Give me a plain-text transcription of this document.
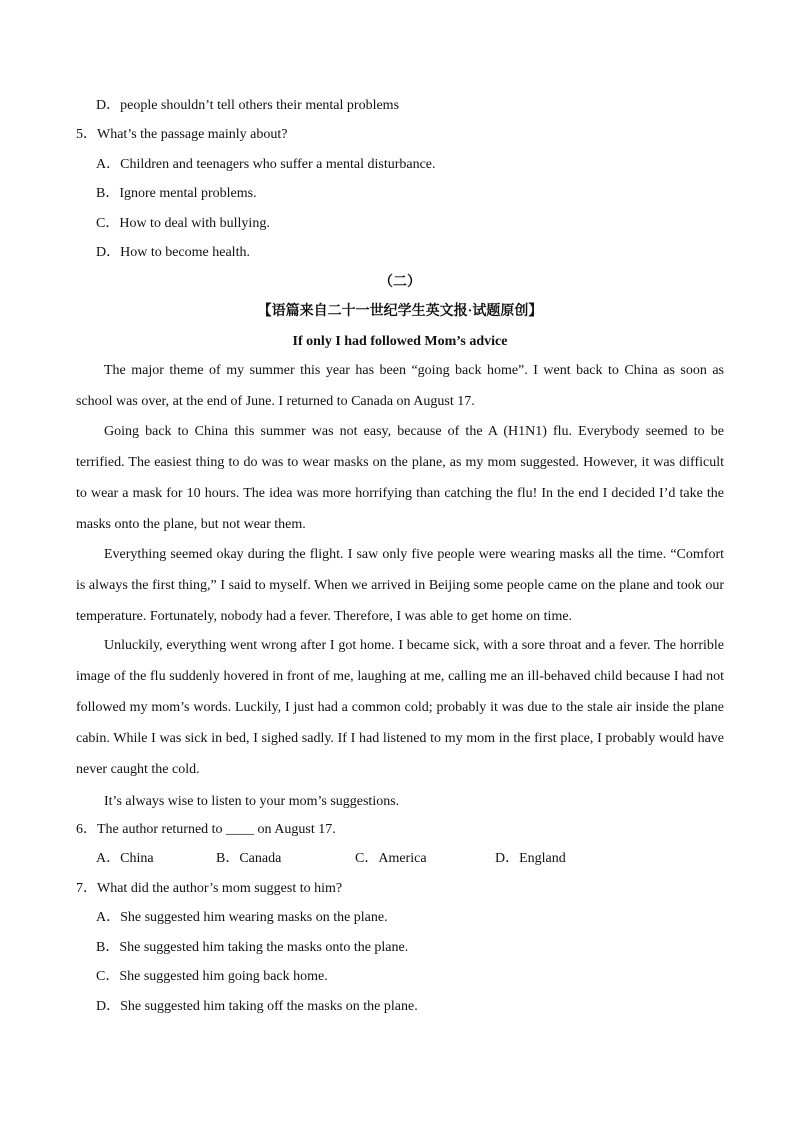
D．people shouldn’t tell others their mental problems
5．What’s the passage mainly about?
A．Children and teenagers who suffer a mental disturbance.
B．Ignore mental problems.
C．How to deal with bullying.
D．How to become health.
（二）
【语篇来自二十一世纪学生英文报·试题原创】
If only I had followed Mom’s advice

The major theme of my summer this year has been “going back home”. I went back to China as soon as school was over, at the end of June. I returned to Canada on August 17.

Going back to China this summer was not easy, because of the A (H1N1) flu. Everybody seemed to be terrified. The easiest thing to do was to wear masks on the plane, as my mom suggested. However, it was difficult to wear a mask for 10 hours. The idea was more horrifying than catching the flu! In the end I decided I’d take the masks onto the plane, but not wear them.

Everything seemed okay during the flight. I saw only five people were wearing masks all the time. “Comfort is always the first thing,” I said to myself. When we arrived in Beijing some people came on the plane and took our temperature. Fortunately, nobody had a fever. Therefore, I was able to get home on time.

Unluckily, everything went wrong after I got home. I became sick, with a sore throat and a fever. The horrible image of the flu suddenly hovered in front of me, laughing at me, calling me an ill-behaved child because I had not followed my mom’s words. Luckily, I just had a common cold; probably it was due to the stale air inside the plane cabin. While I was sick in bed, I sighed sadly. If I had listened to my mom in the first place, I probably would have never caught the cold.

It’s always wise to listen to your mom’s suggestions.

6．The author returned to ____ on August 17.
A．China	B．Canada	C．America	D．England
7．What did the author’s mom suggest to him?
A．She suggested him wearing masks on the plane.
B．She suggested him taking the masks onto the plane.
C．She suggested him going back home.
D．She suggested him taking off the masks on the plane.
